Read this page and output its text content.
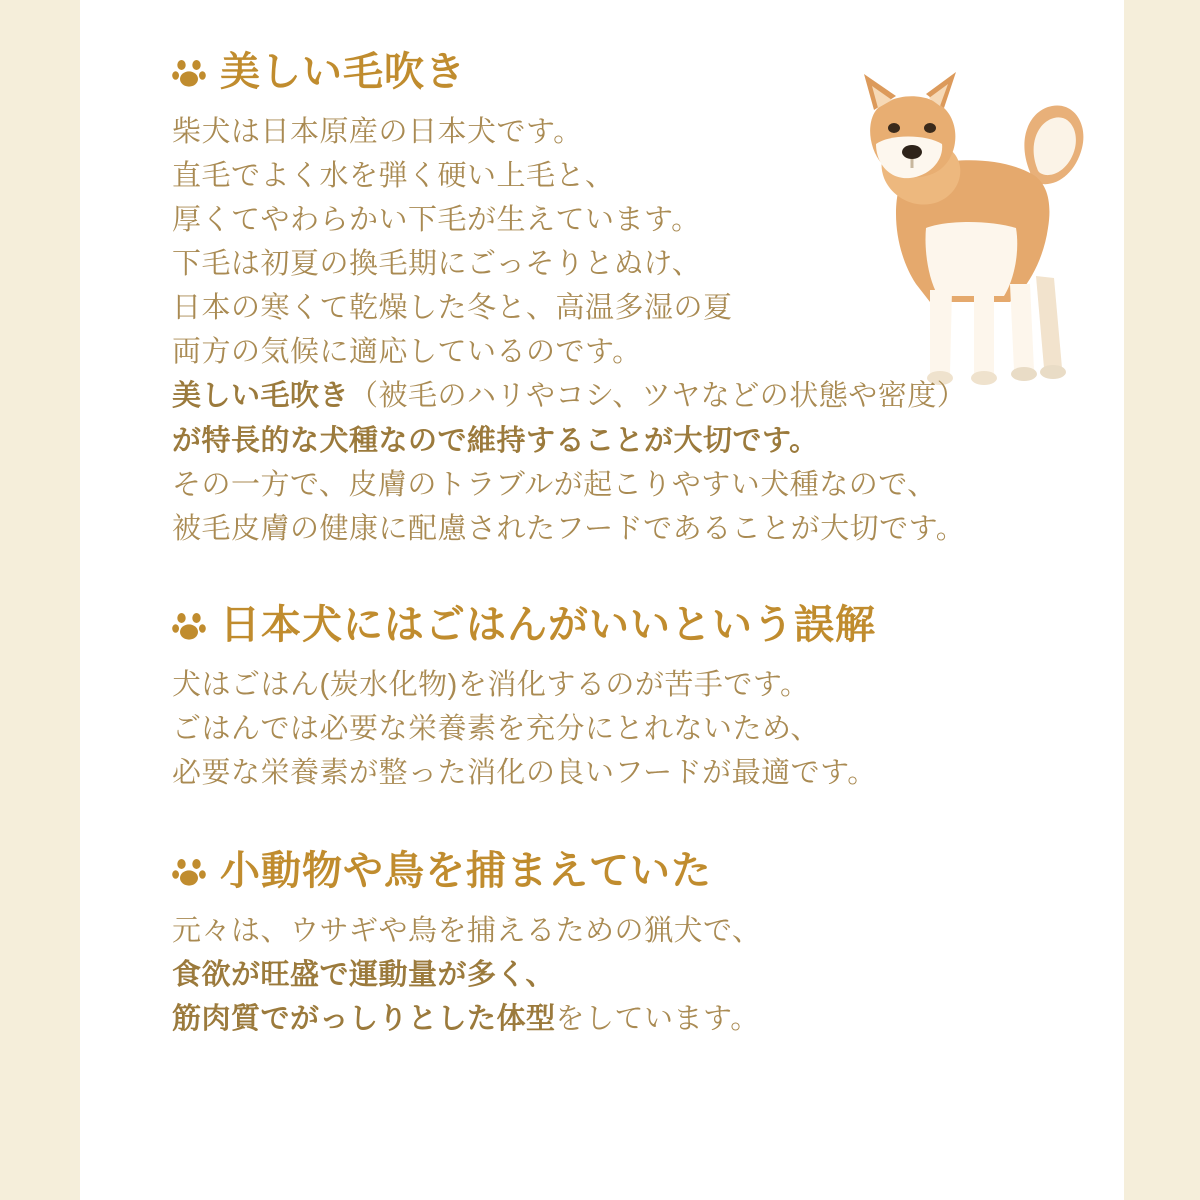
美しい毛吹き
柴犬は日本原産の日本犬です。
直毛でよく水を弾く硬い上毛と、
厚くてやわらかい下毛が生えています。
下毛は初夏の換毛期にごっそりとぬけ、
日本の寒くて乾燥した冬と、高温多湿の夏
両方の気候に適応しているのです。
美しい毛吹き（被毛のハリやコシ、ツヤなどの状態や密度）
が特長的な犬種なので維持することが大切です。
その一方で、皮膚のトラブルが起こりやすい犬種なので、
被毛皮膚の健康に配慮されたフードであることが大切です。
日本犬にはごはんがいいという誤解
犬はごはん(炭水化物)を消化するのが苦手です。
ごはんでは必要な栄養素を充分にとれないため、
必要な栄養素が整った消化の良いフードが最適です。
小動物や鳥を捕まえていた
元々は、ウサギや鳥を捕えるための猟犬で、
食欲が旺盛で運動量が多く、
筋肉質でがっしりとした体型をしています。
